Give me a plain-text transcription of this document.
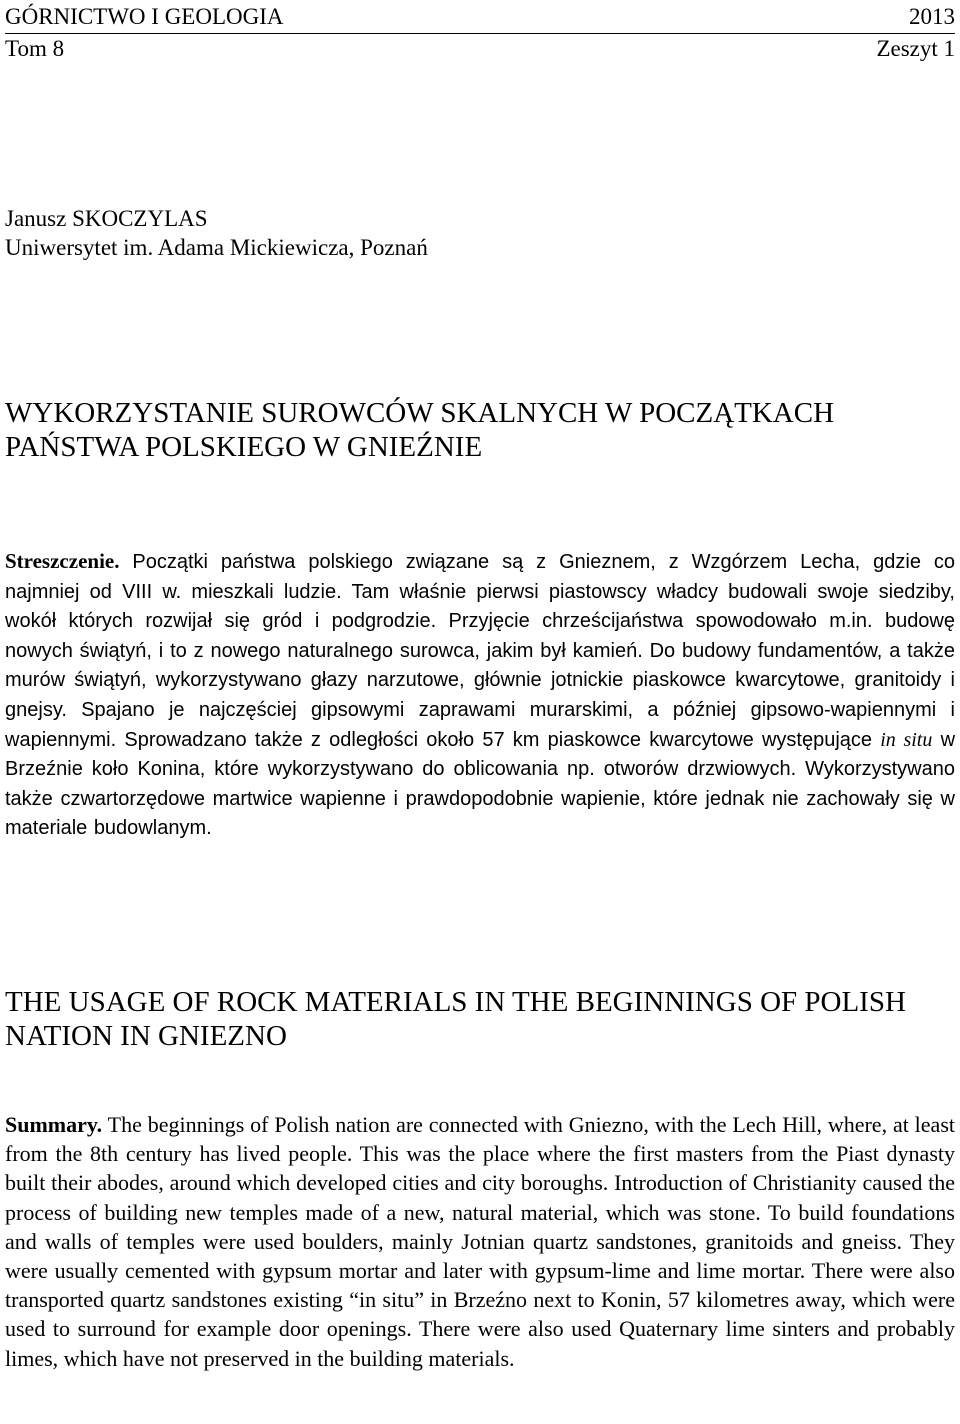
GÓRNICTWO I GEOLOGIA	2013
Tom 8	Zeszyt 1
Janusz SKOCZYLAS
Uniwersytet im. Adama Mickiewicza, Poznań
WYKORZYSTANIE SUROWCÓW SKALNYCH W POCZĄTKACH
PAŃSTWA POLSKIEGO W GNIEŹNIE

Streszczenie. Początki państwa polskiego związane są z Gnieznem, z Wzgórzem Lecha, gdzie co najmniej od VIII w. mieszkali ludzie. Tam właśnie pierwsi piastowscy władcy budowali swoje siedziby, wokół których rozwijał się gród i podgrodzie. Przyjęcie chrześcijaństwa spowodowało m.in. budowę nowych świątyń, i to z nowego naturalnego surowca, jakim był kamień. Do budowy fundamentów, a także murów świątyń, wykorzystywano głazy narzutowe, głównie jotnickie piaskowce kwarcytowe, granitoidy i gnejsy. Spajano je najczęściej gipsowymi zaprawami murarskimi, a później gipsowo-wapiennymi i wapiennymi. Sprowadzano także z odległości około 57 km piaskowce kwarcytowe występujące in situ w Brzeźnie koło Konina, które wykorzystywano do oblicowania np. otworów drzwiowych. Wykorzystywano także czwartorzędowe martwice wapienne i prawdopodobnie wapienie, które jednak nie zachowały się w materiale budowlanym.

THE USAGE OF ROCK MATERIALS IN THE BEGINNINGS OF POLISH
NATION IN GNIEZNO

Summary. The beginnings of Polish nation are connected with Gniezno, with the Lech Hill, where, at least from the 8th century has lived people. This was the place where the first masters from the Piast dynasty built their abodes, around which developed cities and city boroughs. Introduction of Christianity caused the process of building new temples made of a new, natural material, which was stone. To build foundations and walls of temples were used boulders, mainly Jotnian quartz sandstones, granitoids and gneiss. They were usually cemented with gypsum mortar and later with gypsum-lime and lime mortar. There were also transported quartz sandstones existing “in situ” in Brzeźno next to Konin, 57 kilometres away, which were used to surround for example door openings. There were also used Quaternary lime sinters and probably limes, which have not preserved in the building materials.
